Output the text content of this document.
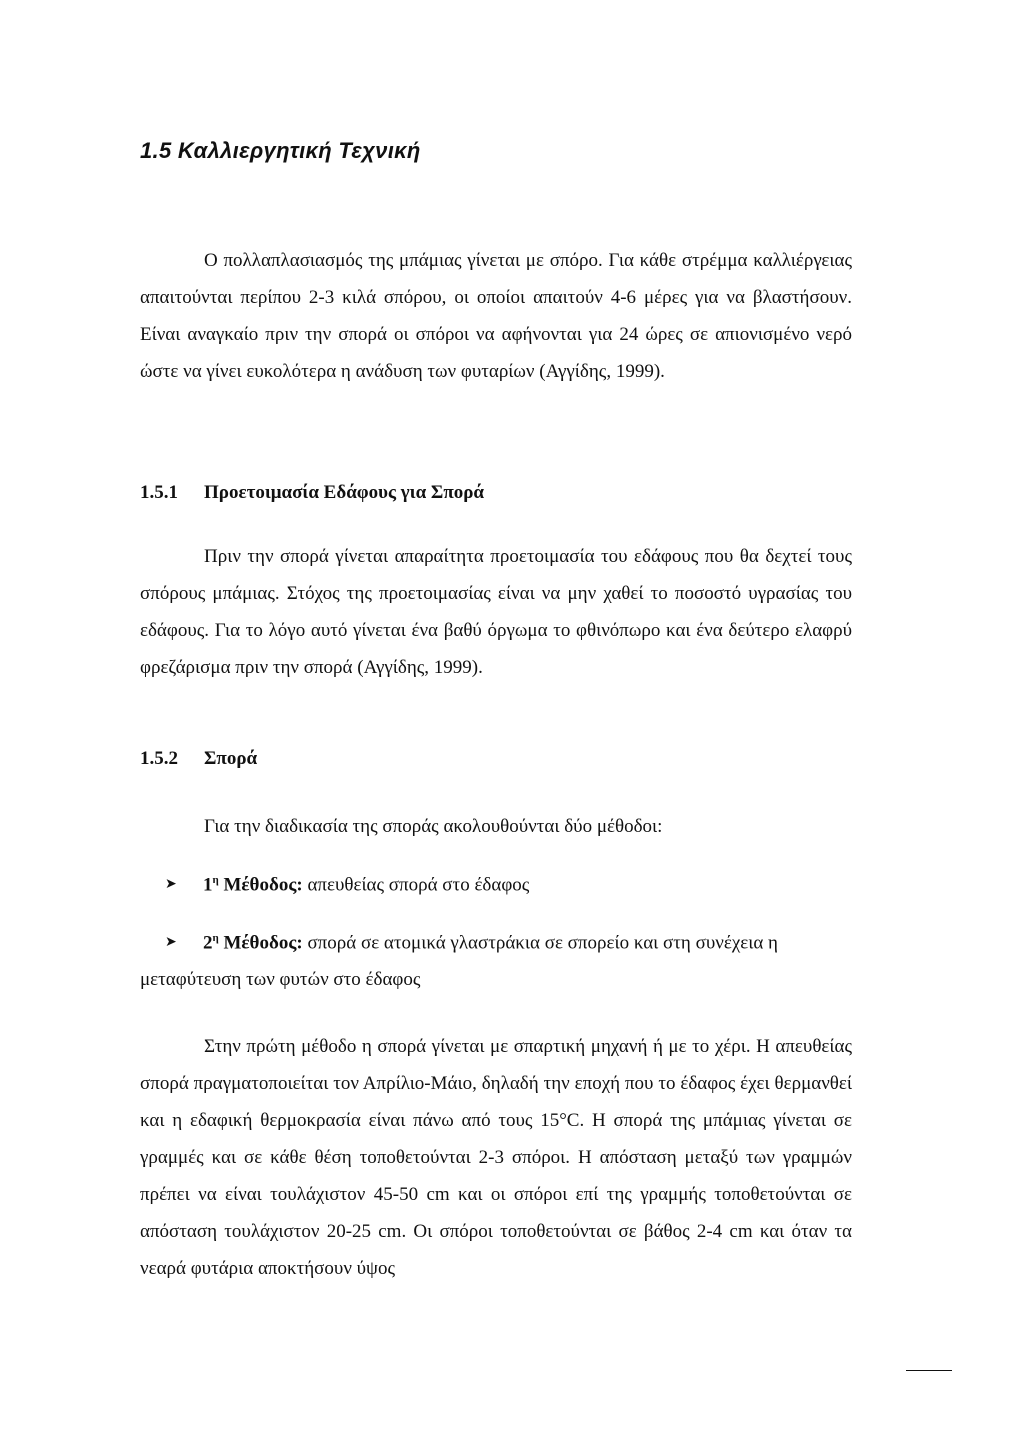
1.5 Καλλιεργητική Τεχνική

Ο πολλαπλασιασμός της μπάμιας γίνεται με σπόρο. Για κάθε στρέμμα καλλιέργειας απαιτούνται περίπου 2-3 κιλά σπόρου, οι οποίοι απαιτούν 4-6 μέρες για να βλαστήσουν. Είναι αναγκαίο πριν την σπορά οι σπόροι να αφήνονται για 24 ώρες σε απιονισμένο νερό ώστε να γίνει ευκολότερα η ανάδυση των φυταρίων (Αγγίδης, 1999).

1.5.1 Προετοιμασία Εδάφους για Σπορά

Πριν την σπορά γίνεται απαραίτητα προετοιμασία του εδάφους που θα δεχτεί τους σπόρους μπάμιας. Στόχος της προετοιμασίας είναι να μην χαθεί το ποσοστό υγρασίας του εδάφους. Για το λόγο αυτό γίνεται ένα βαθύ όργωμα το φθινόπωρο και ένα δεύτερο ελαφρύ φρεζάρισμα πριν την σπορά (Αγγίδης, 1999).

1.5.2 Σπορά

Για την διαδικασία της σποράς ακολουθούνται δύο μέθοδοι:

➤ $1^\eta$ Μέθοδος: απευθείας σπορά στο έδαφος

➤ $2^\eta$ Μέθοδος: σπορά σε ατομικά γλαστράκια σε σπορείο και στη συνέχεια η
μεταφύτευση των φυτών στο έδαφος

Στην πρώτη μέθοδο η σπορά γίνεται με σπαρτική μηχανή ή με το χέρι. Η απευθείας σπορά πραγματοποιείται τον Απρίλιο-Μάιο, δηλαδή την εποχή που το έδαφος έχει θερμανθεί και η εδαφική θερμοκρασία είναι πάνω από τους 15°C. Η σπορά της μπάμιας γίνεται σε γραμμές και σε κάθε θέση τοποθετούνται 2-3 σπόροι. Η απόσταση μεταξύ των γραμμών πρέπει να είναι τουλάχιστον 45-50 cm και οι σπόροι επί της γραμμής τοποθετούνται σε απόσταση τουλάχιστον 20-25 cm. Οι σπόροι τοποθετούνται σε βάθος 2-4 cm και όταν τα νεαρά φυτάρια αποκτήσουν ύψος
